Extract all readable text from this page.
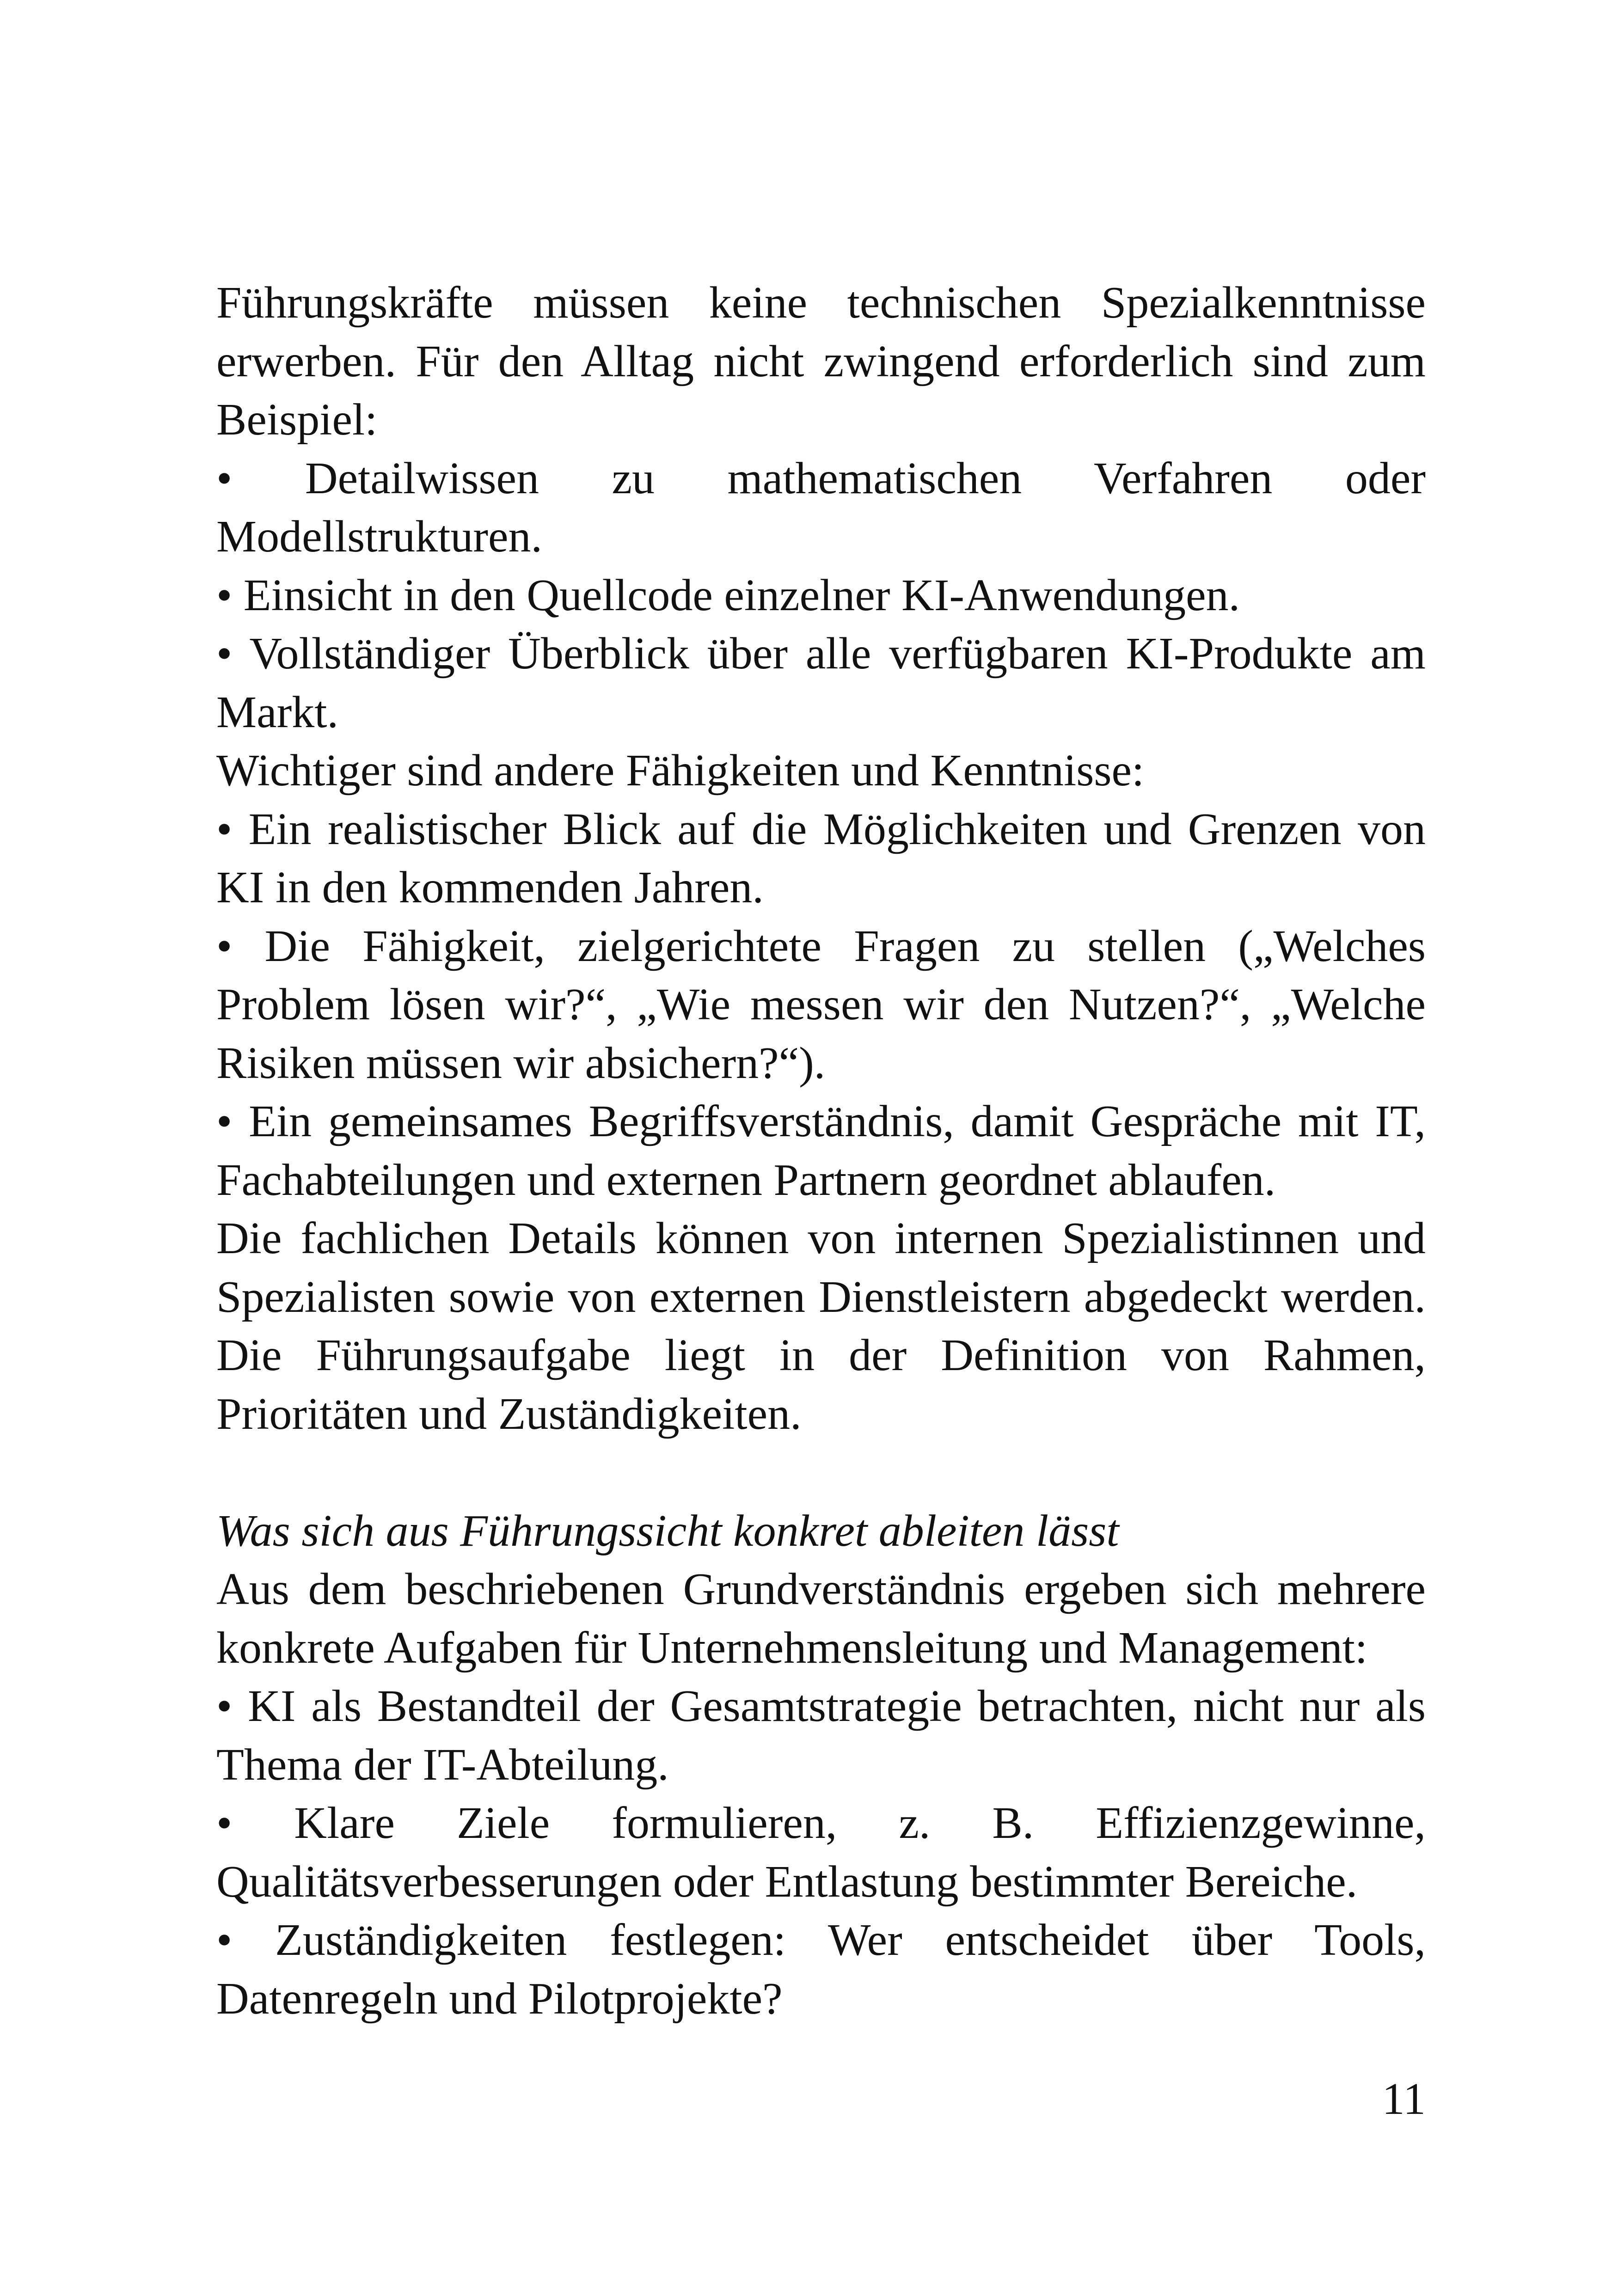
Führungskräfte müssen keine technischen Spezialkenntnisse erwerben. Für den Alltag nicht zwingend erforderlich sind zum Beispiel:

• Detailwissen zu mathematischen Verfahren oder Modellstrukturen.

• Einsicht in den Quellcode einzelner KI-Anwendungen.

• Vollständiger Überblick über alle verfügbaren KI-Produkte am Markt.

Wichtiger sind andere Fähigkeiten und Kenntnisse:

• Ein realistischer Blick auf die Möglichkeiten und Grenzen von KI in den kommenden Jahren.

• Die Fähigkeit, zielgerichtete Fragen zu stellen („Welches Problem lösen wir?“, „Wie messen wir den Nutzen?“, „Welche Risiken müssen wir absichern?“).

• Ein gemeinsames Begriffsverständnis, damit Gespräche mit IT, Fachabteilungen und externen Partnern geordnet ablaufen.

Die fachlichen Details können von internen Spezialistinnen und Spezialisten sowie von externen Dienstleistern abgedeckt werden. Die Führungsaufgabe liegt in der Definition von Rahmen, Prioritäten und Zuständigkeiten.

Was sich aus Führungssicht konkret ableiten lässt

Aus dem beschriebenen Grundverständnis ergeben sich mehrere konkrete Aufgaben für Unternehmensleitung und Management:

• KI als Bestandteil der Gesamtstrategie betrachten, nicht nur als Thema der IT-Abteilung.

• Klare Ziele formulieren, z. B. Effizienzgewinne, Qualitätsverbesserungen oder Entlastung bestimmter Bereiche.

• Zuständigkeiten festlegen: Wer entscheidet über Tools, Datenregeln und Pilotprojekte?

11
